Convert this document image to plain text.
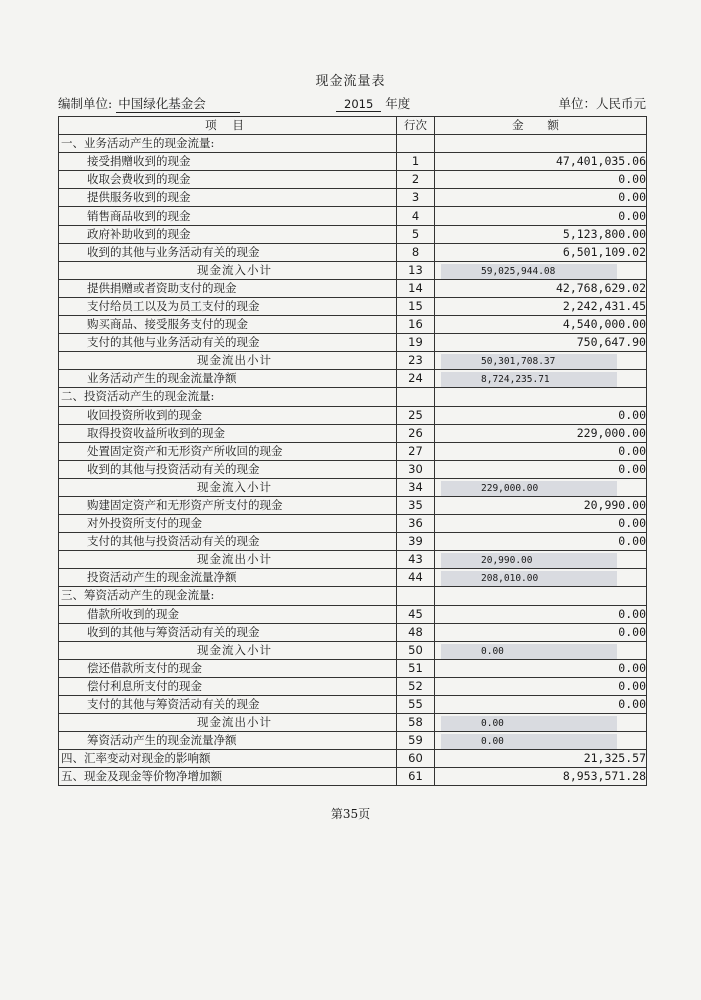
现金流量表
编制单位: 中国绿化基金会	2015 年度	单位：人民币元
项 目	行次	金 额
一、业务活动产生的现金流量:		
接受捐赠收到的现金	1	47,401,035.06
收取会费收到的现金	2	0.00
提供服务收到的现金	3	0.00
销售商品收到的现金	4	0.00
政府补助收到的现金	5	5,123,800.00
收到的其他与业务活动有关的现金	8	6,501,109.02
现金流入小计	13	59,025,944.08
提供捐赠或者资助支付的现金	14	42,768,629.02
支付给员工以及为员工支付的现金	15	2,242,431.45
购买商品、接受服务支付的现金	16	4,540,000.00
支付的其他与业务活动有关的现金	19	750,647.90
现金流出小计	23	50,301,708.37
业务活动产生的现金流量净额	24	8,724,235.71
二、投资活动产生的现金流量:		
收回投资所收到的现金	25	0.00
取得投资收益所收到的现金	26	229,000.00
处置固定资产和无形资产所收回的现金	27	0.00
收到的其他与投资活动有关的现金	30	0.00
现金流入小计	34	229,000.00
购建固定资产和无形资产所支付的现金	35	20,990.00
对外投资所支付的现金	36	0.00
支付的其他与投资活动有关的现金	39	0.00
现金流出小计	43	20,990.00
投资活动产生的现金流量净额	44	208,010.00
三、筹资活动产生的现金流量:		
借款所收到的现金	45	0.00
收到的其他与筹资活动有关的现金	48	0.00
现金流入小计	50	0.00
偿还借款所支付的现金	51	0.00
偿付利息所支付的现金	52	0.00
支付的其他与筹资活动有关的现金	55	0.00
现金流出小计	58	0.00
筹资活动产生的现金流量净额	59	0.00
四、汇率变动对现金的影响额	60	21,325.57
五、现金及现金等价物净增加额	61	8,953,571.28
第35页
